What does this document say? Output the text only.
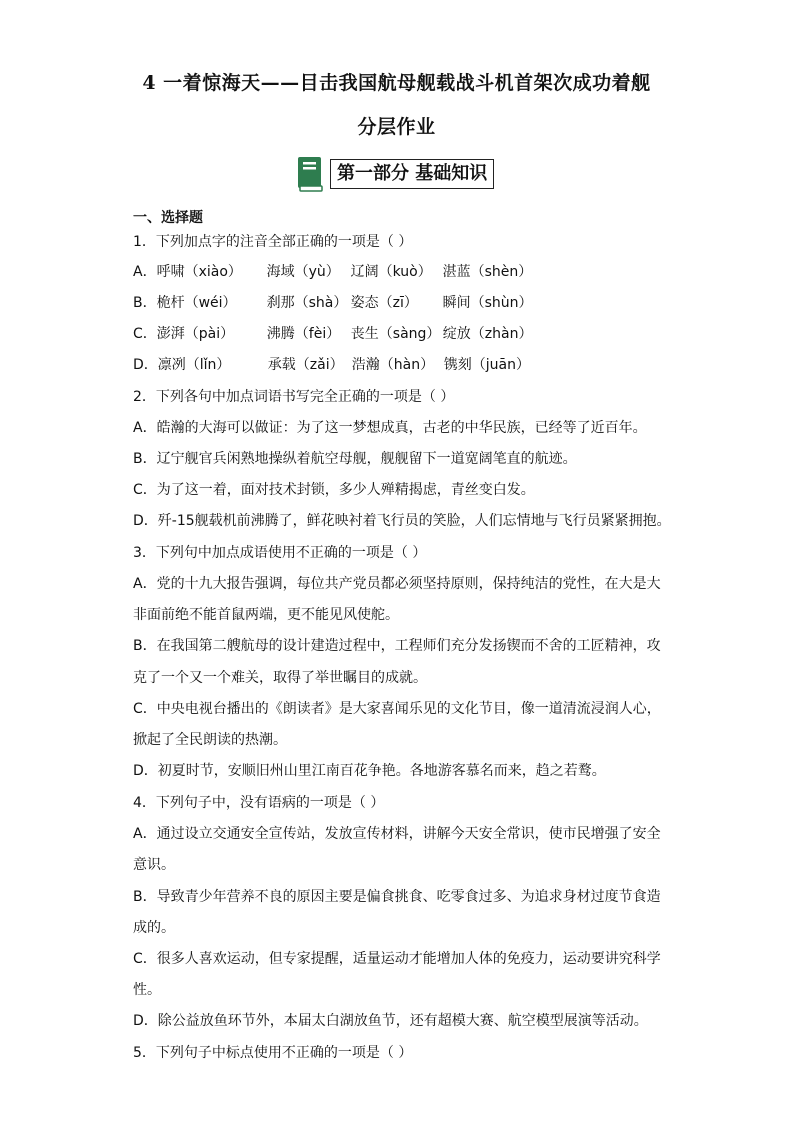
4 一着惊海天——目击我国航母舰载战斗机首架次成功着舰
分层作业
第一部分 基础知识
一、选择题
1．下列加点字的注音全部正确的一项是（ ）
A．呼啸（xiào） 海域（yù） 辽阔（kuò） 湛蓝（shèn）
B．桅杆（wéi） 刹那（shà） 姿态（zī） 瞬间（shùn）
C．澎湃（pài） 沸腾（fèi） 丧生（sàng） 绽放（zhàn）
D．凛冽（lǐn）	承载（zǎi） 浩瀚（hàn） 镌刻（juān）
2．下列各句中加点词语书写完全正确的一项是（ ）
A．皓瀚的大海可以做证：为了这一梦想成真，古老的中华民族，已经等了近百年。
B．辽宁舰官兵闲熟地操纵着航空母舰，舰舰留下一道宽阔笔直的航迹。
C．为了这一着，面对技术封锁，多少人殚精揭虑，青丝变白发。
D．歼-15舰载机前沸腾了，鲜花映衬着飞行员的笑脸，人们忘情地与飞行员紧紧拥抱。
3．下列句中加点成语使用不正确的一项是（ ）
A．党的十九大报告强调，每位共产党员都必须坚持原则，保持纯洁的党性，在大是大
非面前绝不能首鼠两端，更不能见风使舵。
B．在我国第二艘航母的设计建造过程中，工程师们充分发扬锲而不舍的工匠精神，攻
克了一个又一个难关，取得了举世瞩目的成就。
C．中央电视台播出的《朗读者》是大家喜闻乐见的文化节目，像一道清流浸润人心，
掀起了全民朗读的热潮。
D．初夏时节，安顺旧州山里江南百花争艳。各地游客慕名而来，趋之若鹜。
4．下列句子中，没有语病的一项是（ ）
A．通过设立交通安全宣传站，发放宣传材料，讲解今天安全常识，使市民增强了安全
意识。
B．导致青少年营养不良的原因主要是偏食挑食、吃零食过多、为追求身材过度节食造
成的。
C．很多人喜欢运动，但专家提醒，适量运动才能增加人体的免疫力，运动要讲究科学
性。
D．除公益放鱼环节外，本届太白湖放鱼节，还有超模大赛、航空模型展演等活动。
5．下列句子中标点使用不正确的一项是（ ）
